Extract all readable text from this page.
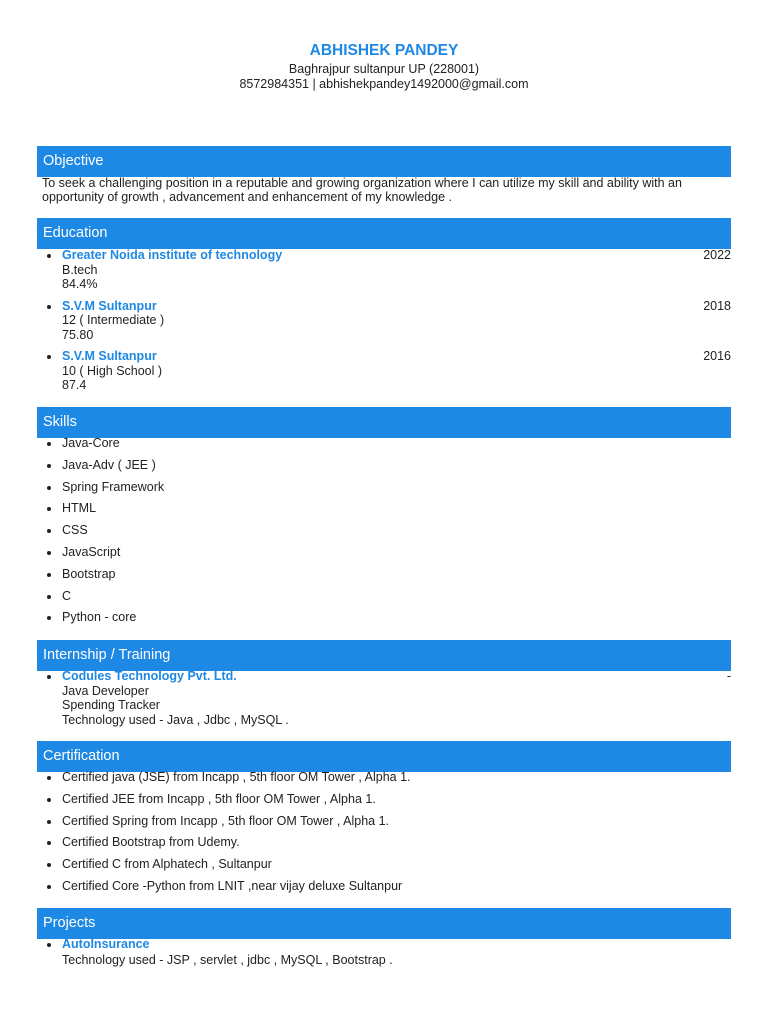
ABHISHEK PANDEY
Baghrajpur sultanpur UP (228001)
8572984351 | abhishekpandey1492000@gmail.com
Objective
To seek a challenging position in a reputable and growing organization where I can utilize my skill and ability with an opportunity of growth , advancement and enhancement of my knowledge .
Education
Greater Noida institute of technology	2022
B.tech
84.4%
S.V.M Sultanpur	2018
12 ( Intermediate )
75.80
S.V.M Sultanpur	2016
10 ( High School )
87.4
Skills
Java-Core
Java-Adv ( JEE )
Spring Framework
HTML
CSS
JavaScript
Bootstrap
C
Python - core
Internship / Training
Codules Technology Pvt. Ltd.	-
Java Developer
Spending Tracker
Technology used - Java , Jdbc , MySQL .
Certification
Certified java (JSE) from Incapp , 5th floor OM Tower , Alpha 1.
Certified JEE from Incapp , 5th floor OM Tower , Alpha 1.
Certified Spring from Incapp , 5th floor OM Tower , Alpha 1.
Certified Bootstrap from Udemy.
Certified C from Alphatech , Sultanpur
Certified Core -Python from LNIT ,near vijay deluxe Sultanpur
Projects
AutoInsurance
Technology used - JSP , servlet , jdbc , MySQL , Bootstrap .
